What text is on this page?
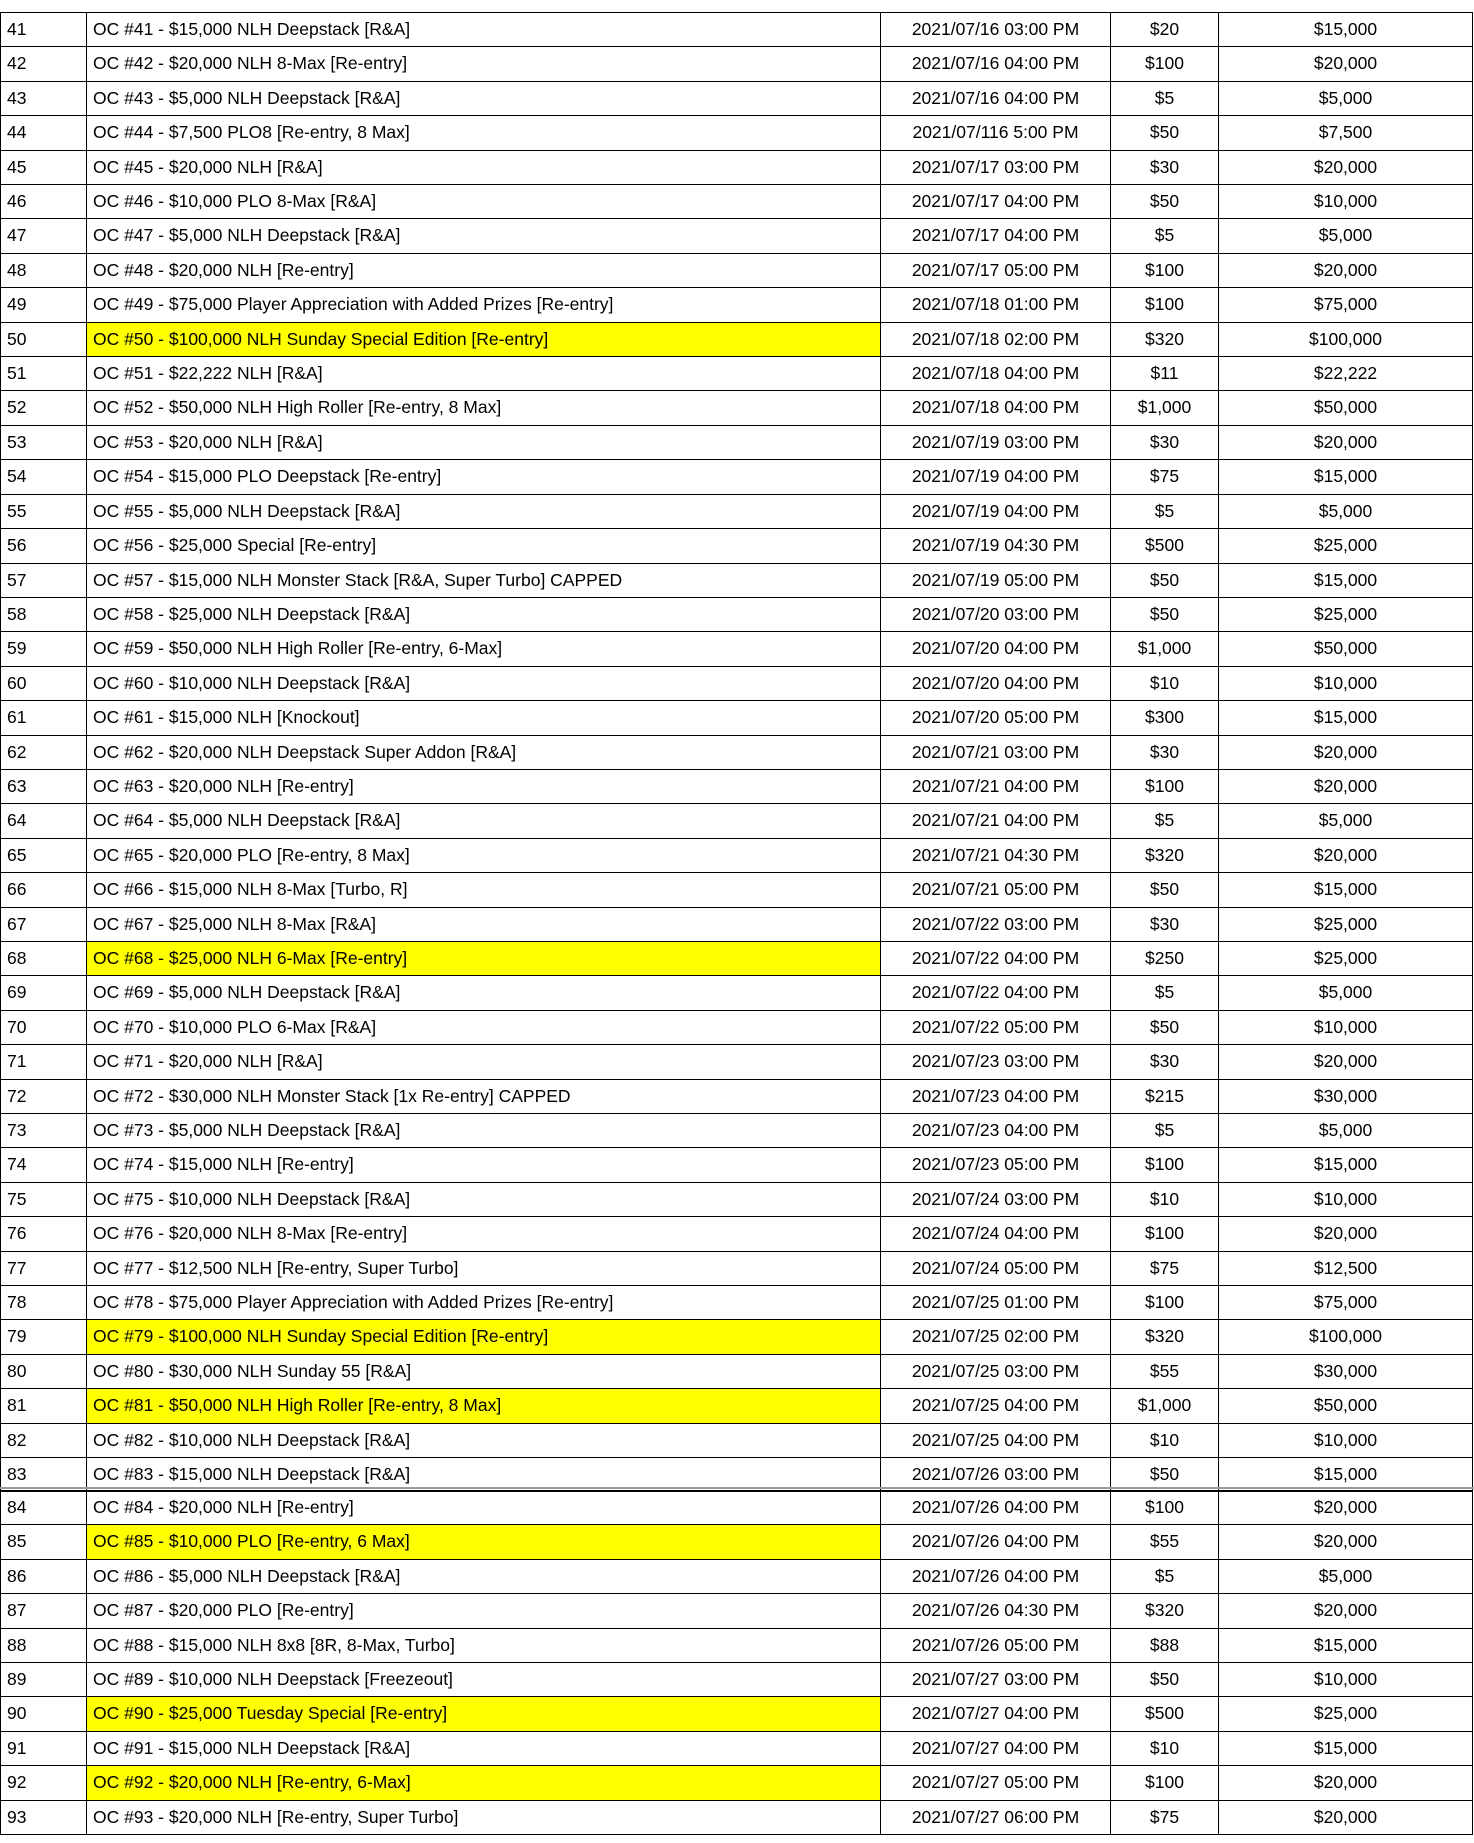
41	OC #41 - $15,000 NLH Deepstack [R&A]	2021/07/16 03:00 PM	$20	$15,000
42	OC #42 - $20,000 NLH 8-Max [Re-entry]	2021/07/16 04:00 PM	$100	$20,000
43	OC #43 - $5,000 NLH Deepstack [R&A]	2021/07/16 04:00 PM	$5	$5,000
44	OC #44 - $7,500 PLO8 [Re-entry, 8 Max]	2021/07/116 5:00 PM	$50	$7,500
45	OC #45 - $20,000 NLH [R&A]	2021/07/17 03:00 PM	$30	$20,000
46	OC #46 - $10,000 PLO 8-Max [R&A]	2021/07/17 04:00 PM	$50	$10,000
47	OC #47 - $5,000 NLH Deepstack [R&A]	2021/07/17 04:00 PM	$5	$5,000
48	OC #48 - $20,000 NLH [Re-entry]	2021/07/17 05:00 PM	$100	$20,000
49	OC #49 - $75,000 Player Appreciation with Added Prizes [Re-entry]	2021/07/18 01:00 PM	$100	$75,000
50	OC #50 - $100,000 NLH Sunday Special Edition [Re-entry]	2021/07/18 02:00 PM	$320	$100,000
51	OC #51 - $22,222 NLH [R&A]	2021/07/18 04:00 PM	$11	$22,222
52	OC #52 - $50,000 NLH High Roller [Re-entry, 8 Max]	2021/07/18 04:00 PM	$1,000	$50,000
53	OC #53 - $20,000 NLH [R&A]	2021/07/19 03:00 PM	$30	$20,000
54	OC #54 - $15,000 PLO Deepstack [Re-entry]	2021/07/19 04:00 PM	$75	$15,000
55	OC #55 - $5,000 NLH Deepstack [R&A]	2021/07/19 04:00 PM	$5	$5,000
56	OC #56 - $25,000 Special [Re-entry]	2021/07/19 04:30 PM	$500	$25,000
57	OC #57 - $15,000 NLH Monster Stack [R&A, Super Turbo] CAPPED	2021/07/19 05:00 PM	$50	$15,000
58	OC #58 - $25,000 NLH Deepstack [R&A]	2021/07/20 03:00 PM	$50	$25,000
59	OC #59 - $50,000 NLH High Roller [Re-entry, 6-Max]	2021/07/20 04:00 PM	$1,000	$50,000
60	OC #60 - $10,000 NLH Deepstack [R&A]	2021/07/20 04:00 PM	$10	$10,000
61	OC #61 - $15,000 NLH [Knockout]	2021/07/20 05:00 PM	$300	$15,000
62	OC #62 - $20,000 NLH Deepstack Super Addon [R&A]	2021/07/21 03:00 PM	$30	$20,000
63	OC #63 - $20,000 NLH [Re-entry]	2021/07/21 04:00 PM	$100	$20,000
64	OC #64 - $5,000 NLH Deepstack [R&A]	2021/07/21 04:00 PM	$5	$5,000
65	OC #65 - $20,000 PLO [Re-entry, 8 Max]	2021/07/21 04:30 PM	$320	$20,000
66	OC #66 - $15,000 NLH 8-Max [Turbo, R]	2021/07/21 05:00 PM	$50	$15,000
67	OC #67 - $25,000 NLH 8-Max [R&A]	2021/07/22 03:00 PM	$30	$25,000
68	OC #68 - $25,000 NLH 6-Max [Re-entry]	2021/07/22 04:00 PM	$250	$25,000
69	OC #69 - $5,000 NLH Deepstack [R&A]	2021/07/22 04:00 PM	$5	$5,000
70	OC #70 - $10,000 PLO 6-Max [R&A]	2021/07/22 05:00 PM	$50	$10,000
71	OC #71 - $20,000 NLH [R&A]	2021/07/23 03:00 PM	$30	$20,000
72	OC #72 - $30,000 NLH Monster Stack [1x Re-entry] CAPPED	2021/07/23 04:00 PM	$215	$30,000
73	OC #73 - $5,000 NLH Deepstack [R&A]	2021/07/23 04:00 PM	$5	$5,000
74	OC #74 - $15,000 NLH [Re-entry]	2021/07/23 05:00 PM	$100	$15,000
75	OC #75 - $10,000 NLH Deepstack [R&A]	2021/07/24 03:00 PM	$10	$10,000
76	OC #76 - $20,000 NLH 8-Max [Re-entry]	2021/07/24 04:00 PM	$100	$20,000
77	OC #77 - $12,500 NLH [Re-entry, Super Turbo]	2021/07/24 05:00 PM	$75	$12,500
78	OC #78 - $75,000 Player Appreciation with Added Prizes [Re-entry]	2021/07/25 01:00 PM	$100	$75,000
79	OC #79 - $100,000 NLH Sunday Special Edition [Re-entry]	2021/07/25 02:00 PM	$320	$100,000
80	OC #80 - $30,000 NLH Sunday 55 [R&A]	2021/07/25 03:00 PM	$55	$30,000
81	OC #81 - $50,000 NLH High Roller [Re-entry, 8 Max]	2021/07/25 04:00 PM	$1,000	$50,000
82	OC #82 - $10,000 NLH Deepstack [R&A]	2021/07/25 04:00 PM	$10	$10,000
83	OC #83 - $15,000 NLH Deepstack [R&A]	2021/07/26 03:00 PM	$50	$15,000
84	OC #84 - $20,000 NLH [Re-entry]	2021/07/26 04:00 PM	$100	$20,000
85	OC #85 - $10,000 PLO [Re-entry, 6 Max]	2021/07/26 04:00 PM	$55	$20,000
86	OC #86 - $5,000 NLH Deepstack [R&A]	2021/07/26 04:00 PM	$5	$5,000
87	OC #87 - $20,000 PLO [Re-entry]	2021/07/26 04:30 PM	$320	$20,000
88	OC #88 - $15,000 NLH 8x8 [8R, 8-Max, Turbo]	2021/07/26 05:00 PM	$88	$15,000
89	OC #89 - $10,000 NLH Deepstack [Freezeout]	2021/07/27 03:00 PM	$50	$10,000
90	OC #90 - $25,000 Tuesday Special [Re-entry]	2021/07/27 04:00 PM	$500	$25,000
91	OC #91 - $15,000 NLH Deepstack [R&A]	2021/07/27 04:00 PM	$10	$15,000
92	OC #92 - $20,000 NLH [Re-entry, 6-Max]	2021/07/27 05:00 PM	$100	$20,000
93	OC #93 - $20,000 NLH [Re-entry, Super Turbo]	2021/07/27 06:00 PM	$75	$20,000
